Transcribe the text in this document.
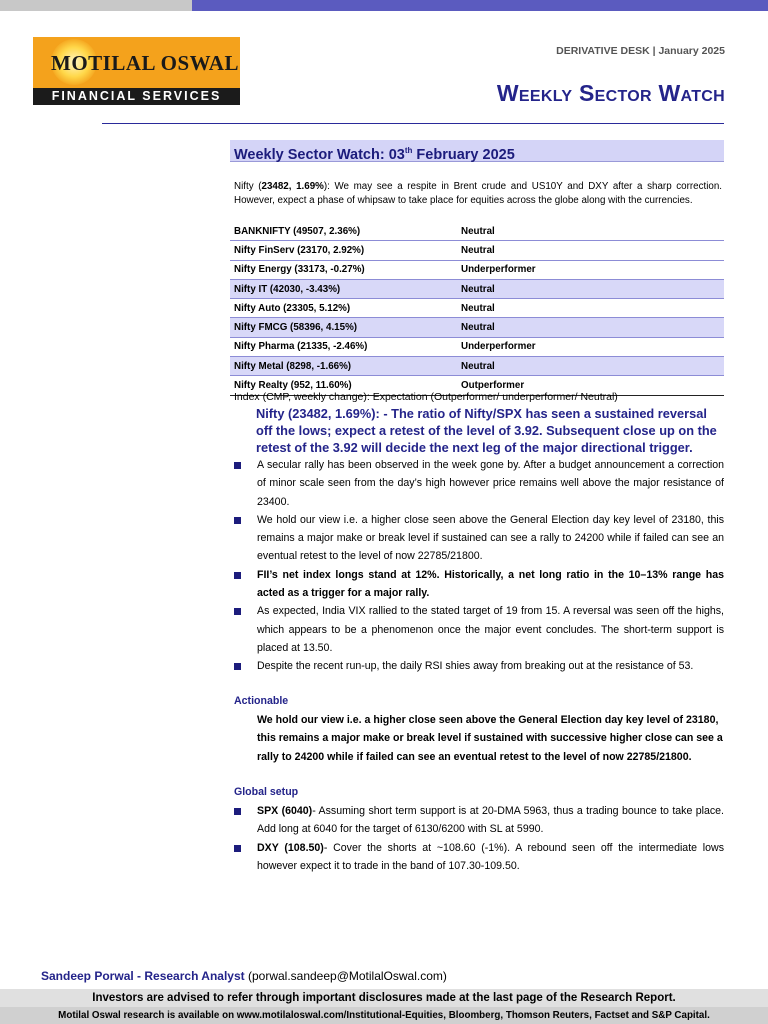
MOTILAL OSWAL
FINANCIAL SERVICES
DERIVATIVE DESK | January 2025
Weekly Sector Watch
Weekly Sector Watch: 03th February 2025
Nifty (23482, 1.69%): We may see a respite in Brent crude and US10Y and DXY after a sharp correction. However, expect a phase of whipsaw to take place for equities across the globe along with the currencies.
BANKNIFTY (49507, 2.36%)	Neutral
Nifty FinServ (23170, 2.92%)	Neutral
Nifty Energy (33173, -0.27%)	Underperformer
Nifty IT (42030, -3.43%)	Neutral
Nifty Auto (23305, 5.12%)	Neutral
Nifty FMCG (58396, 4.15%)	Neutral
Nifty Pharma (21335, -2.46%)	Underperformer
Nifty Metal (8298, -1.66%)	Neutral
Nifty Realty (952, 11.60%)	Outperformer
Index (CMP, weekly change): Expectation (Outperformer/ underperformer/ Neutral)
Nifty (23482, 1.69%): - The ratio of Nifty/SPX has seen a sustained reversal off the lows; expect a retest of the level of 3.92. Subsequent close up on the retest of the 3.92 will decide the next leg of the major directional trigger.
A secular rally has been observed in the week gone by. After a budget announcement a correction of minor scale seen from the day’s high however price remains well above the major resistance of 23400.
We hold our view i.e. a higher close seen above the General Election day key level of 23180, this remains a major make or break level if sustained can see a rally to 24200 while if failed can see an eventual retest to the level of now 22785/21800.
FII’s net index longs stand at 12%. Historically, a net long ratio in the 10–13% range has acted as a trigger for a major rally.
As expected, India VIX rallied to the stated target of 19 from 15. A reversal was seen off the highs, which appears to be a phenomenon once the major event concludes. The short-term support is placed at 13.50.
Despite the recent run-up, the daily RSI shies away from breaking out at the resistance of 53.
Actionable
We hold our view i.e. a higher close seen above the General Election day key level of 23180, this remains a major make or break level if sustained with successive higher close can see a rally to 24200 while if failed can see an eventual retest to the level of now 22785/21800.
Global setup
SPX (6040)- Assuming short term support is at 20-DMA 5963, thus a trading bounce to take place. Add long at 6040 for the target of 6130/6200 with SL at 5990.
DXY (108.50)- Cover the shorts at ~108.60 (-1%). A rebound seen off the intermediate lows however expect it to trade in the band of 107.30-109.50.
Sandeep Porwal - Research Analyst (porwal.sandeep@MotilalOswal.com)
Investors are advised to refer through important disclosures made at the last page of the Research Report.
Motilal Oswal research is available on www.motilaloswal.com/Institutional-Equities, Bloomberg, Thomson Reuters, Factset and S&P Capital.
